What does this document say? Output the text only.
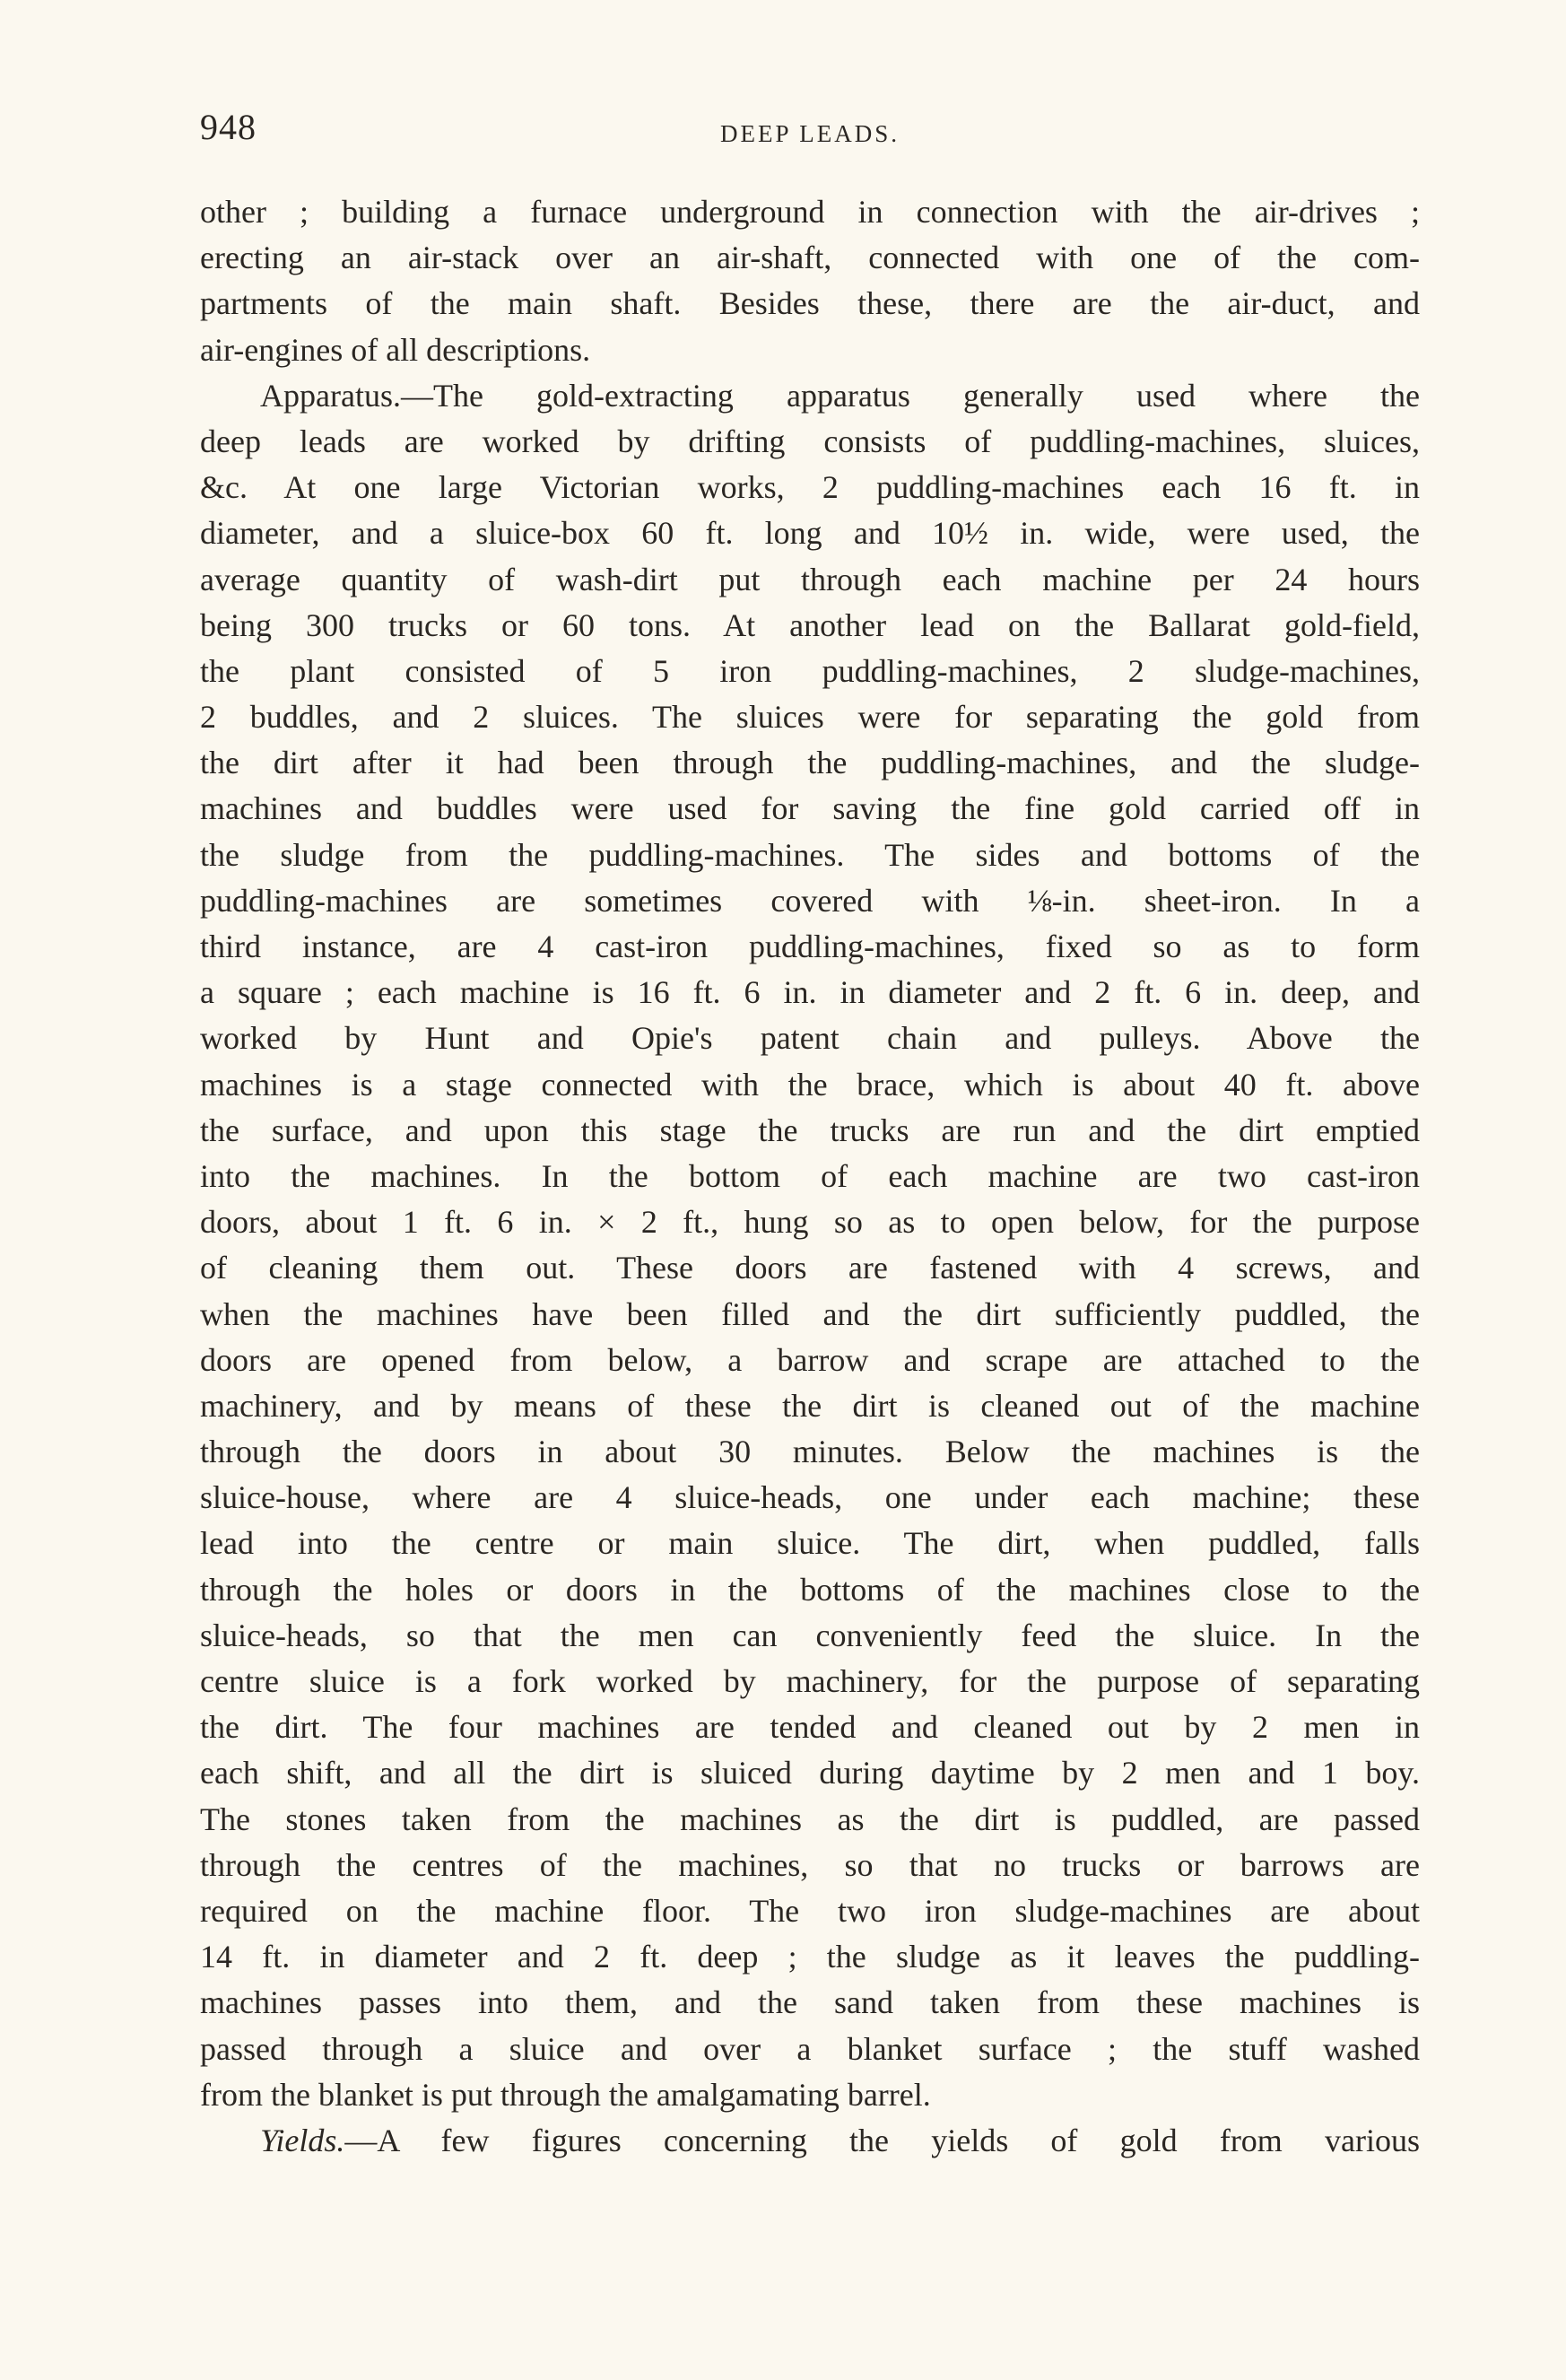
948	DEEP LEADS.
other ; building a furnace underground in connection with the air-drives ;
erecting an air-stack over an air-shaft, connected with one of the com-
partments of the main shaft. Besides these, there are the air-duct, and
air-engines of all descriptions.
Apparatus.—The gold-extracting apparatus generally used where the
deep leads are worked by drifting consists of puddling-machines, sluices,
&c. At one large Victorian works, 2 puddling-machines each 16 ft. in
diameter, and a sluice-box 60 ft. long and 10½ in. wide, were used, the
average quantity of wash-dirt put through each machine per 24 hours
being 300 trucks or 60 tons. At another lead on the Ballarat gold-field,
the plant consisted of 5 iron puddling-machines, 2 sludge-machines,
2 buddles, and 2 sluices. The sluices were for separating the gold from
the dirt after it had been through the puddling-machines, and the sludge-
machines and buddles were used for saving the fine gold carried off in
the sludge from the puddling-machines. The sides and bottoms of the
puddling-machines are sometimes covered with ⅛-in. sheet-iron. In a
third instance, are 4 cast-iron puddling-machines, fixed so as to form
a square ; each machine is 16 ft. 6 in. in diameter and 2 ft. 6 in. deep, and
worked by Hunt and Opie's patent chain and pulleys. Above the
machines is a stage connected with the brace, which is about 40 ft. above
the surface, and upon this stage the trucks are run and the dirt emptied
into the machines. In the bottom of each machine are two cast-iron
doors, about 1 ft. 6 in. × 2 ft., hung so as to open below, for the purpose
of cleaning them out. These doors are fastened with 4 screws, and
when the machines have been filled and the dirt sufficiently puddled, the
doors are opened from below, a barrow and scrape are attached to the
machinery, and by means of these the dirt is cleaned out of the machine
through the doors in about 30 minutes. Below the machines is the
sluice-house, where are 4 sluice-heads, one under each machine; these
lead into the centre or main sluice. The dirt, when puddled, falls
through the holes or doors in the bottoms of the machines close to the
sluice-heads, so that the men can conveniently feed the sluice. In the
centre sluice is a fork worked by machinery, for the purpose of separating
the dirt. The four machines are tended and cleaned out by 2 men in
each shift, and all the dirt is sluiced during daytime by 2 men and 1 boy.
The stones taken from the machines as the dirt is puddled, are passed
through the centres of the machines, so that no trucks or barrows are
required on the machine floor. The two iron sludge-machines are about
14 ft. in diameter and 2 ft. deep ; the sludge as it leaves the puddling-
machines passes into them, and the sand taken from these machines is
passed through a sluice and over a blanket surface ; the stuff washed
from the blanket is put through the amalgamating barrel.
Yields.—A few figures concerning the yields of gold from various
